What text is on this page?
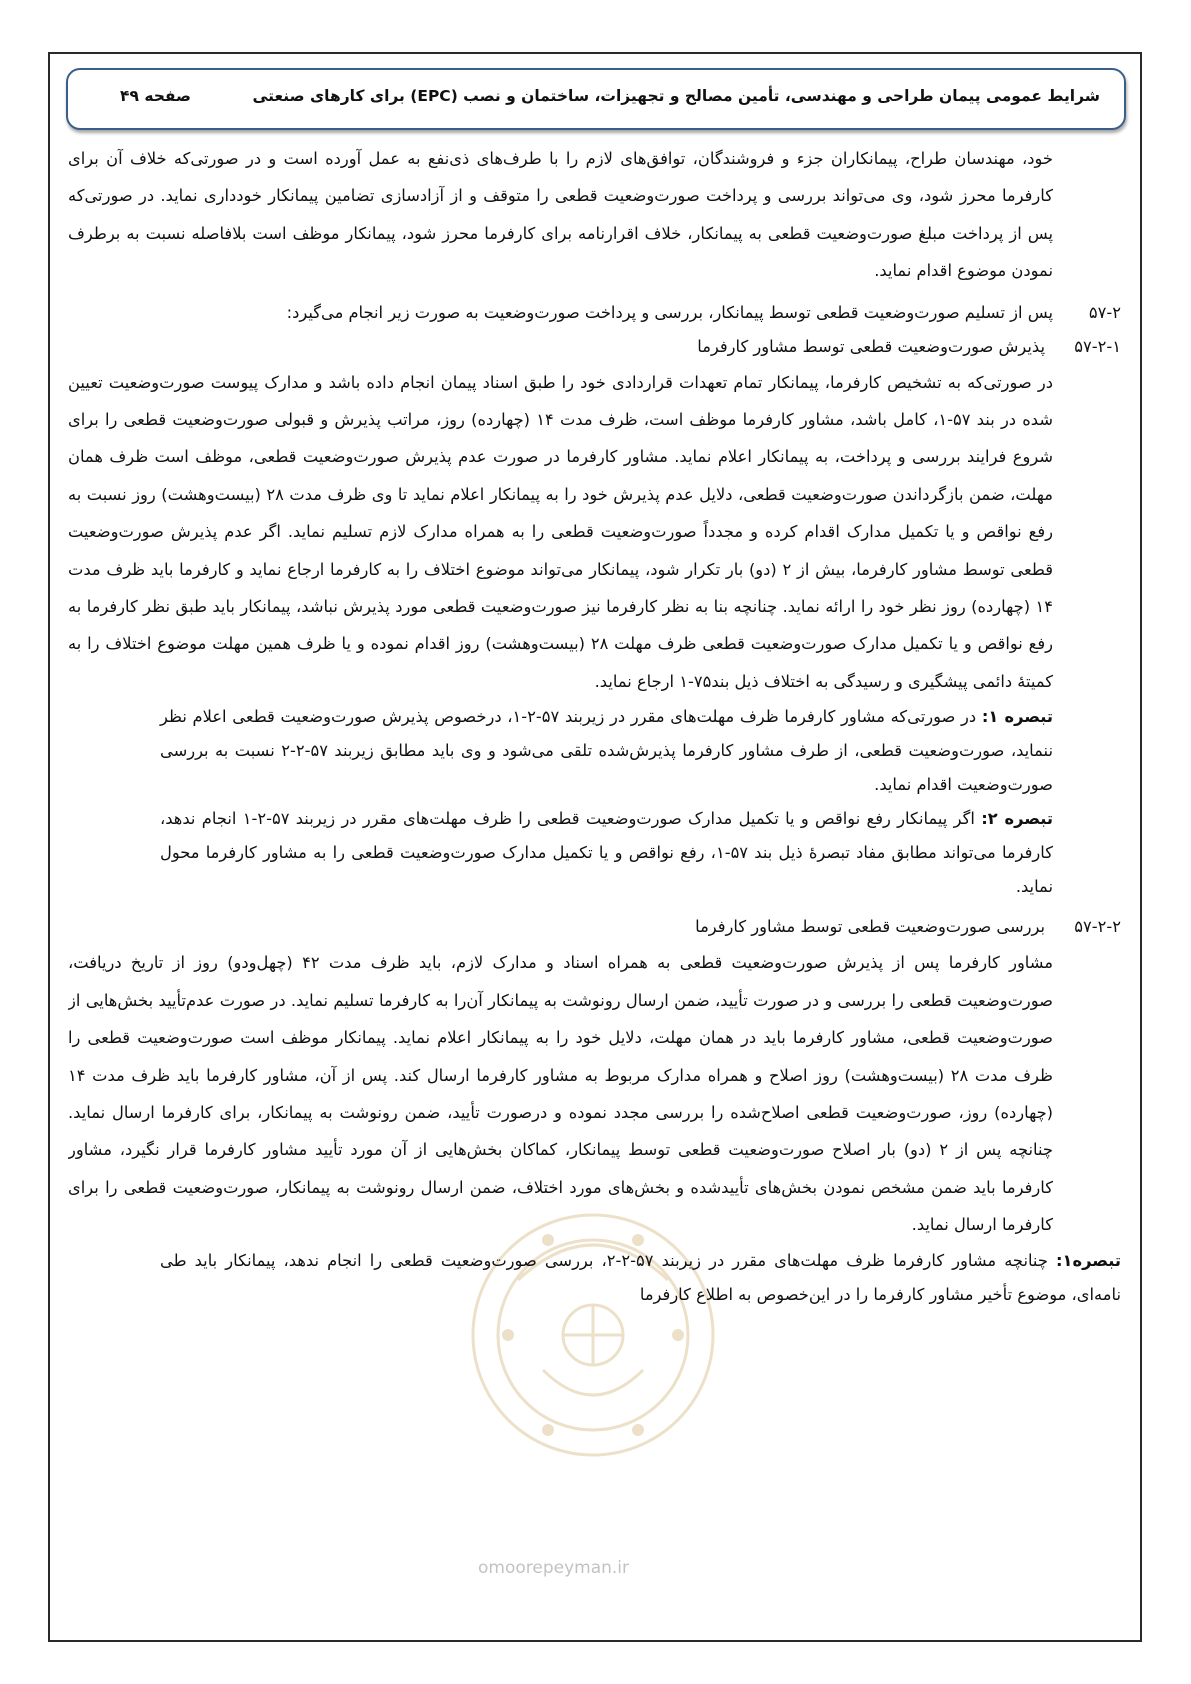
شرایط عمومی پیمان طراحی و مهندسی، تأمین مصالح و تجهیزات، ساختمان و نصب (EPC) برای کارهای صنعتی
صفحه ۴۹
omoorepeyman.ir

خود، مهندسان طراح، پیمانکاران جزء و فروشندگان، توافق‌های لازم را با طرف‌های ذی‌نفع به عمل آورده است و در صورتی‌که خلاف آن برای کارفرما محرز شود، وی می‌تواند بررسی و پرداخت صورت‌وضعیت قطعی را متوقف و از آزادسازی تضامین پیمانکار خودداری نماید. در صورتی‌که پس از پرداخت مبلغ صورت‌وضعیت قطعی به پیمانکار، خلاف اقرارنامه برای کارفرما محرز شود، پیمانکار موظف است بلافاصله نسبت به برطرف نمودن موضوع اقدام نماید.

۵۷-۲
پس از تسلیم صورت‌وضعیت قطعی توسط پیمانکار، بررسی و پرداخت صورت‌وضعیت به صورت زیر انجام می‌گیرد:
۵۷-۲-۱
پذیرش صورت‌وضعیت قطعی توسط مشاور کارفرما

در صورتی‌که به تشخیص کارفرما، پیمانکار تمام تعهدات قراردادی خود را طبق اسناد پیمان انجام داده باشد و مدارک پیوست صورت‌وضعیت تعیین شده در بند ۵۷-۱، کامل باشد، مشاور کارفرما موظف است، ظرف مدت ۱۴ (چهارده) روز، مراتب پذیرش و قبولی صورت‌وضعیت قطعی را برای شروع فرایند بررسی و پرداخت، به پیمانکار اعلام نماید. مشاور کارفرما در صورت عدم پذیرش صورت‌وضعیت قطعی، موظف است ظرف همان مهلت، ضمن بازگرداندن صورت‌وضعیت قطعی، دلایل عدم پذیرش خود را به پیمانکار اعلام نماید تا وی ظرف مدت ۲۸ (بیست‌وهشت) روز نسبت به رفع نواقص و یا تکمیل مدارک اقدام کرده و مجدداً صورت‌وضعیت قطعی را به همراه مدارک لازم تسلیم نماید. اگر عدم پذیرش صورت‌وضعیت قطعی توسط مشاور کارفرما، بیش از ۲ (دو) بار تکرار شود، پیمانکار می‌تواند موضوع اختلاف را به کارفرما ارجاع نماید و کارفرما باید ظرف مدت ۱۴ (چهارده) روز نظر خود را ارائه نماید. چنانچه بنا به نظر کارفرما نیز صورت‌وضعیت قطعی مورد پذیرش نباشد، پیمانکار باید طبق نظر کارفرما به رفع نواقص و یا تکمیل مدارک صورت‌وضعیت قطعی ظرف مهلت ۲۸ (بیست‌وهشت) روز اقدام نموده و یا ظرف همین مهلت موضوع اختلاف را به کمیتهٔ دائمی پیشگیری و رسیدگی به اختلاف ذیل بند۷۵-۱ ارجاع نماید.

تبصره ۱: در صورتی‌که مشاور کارفرما ظرف مهلت‌های مقرر در زیربند ۵۷-۲-۱، درخصوص پذیرش صورت‌وضعیت قطعی اعلام نظر ننماید، صورت‌وضعیت قطعی، از طرف مشاور کارفرما پذیرش‌شده تلقی می‌شود و وی باید مطابق زیربند ۵۷-۲-۲ نسبت به بررسی صورت‌وضعیت اقدام نماید.

تبصره ۲: اگر پیمانکار رفع نواقص و یا تکمیل مدارک صورت‌وضعیت قطعی را ظرف مهلت‌های مقرر در زیربند ۵۷-۲-۱ انجام ندهد، کارفرما می‌تواند مطابق مفاد تبصرهٔ ذیل بند ۵۷-۱، رفع نواقص و یا تکمیل مدارک صورت‌وضعیت قطعی را به مشاور کارفرما محول نماید.

۵۷-۲-۲
بررسی صورت‌وضعیت قطعی توسط مشاور کارفرما

مشاور کارفرما پس از پذیرش صورت‌وضعیت قطعی به همراه اسناد و مدارک لازم، باید ظرف مدت ۴۲ (چهل‌ودو) روز از تاریخ دریافت، صورت‌وضعیت قطعی را بررسی و در صورت تأیید، ضمن ارسال رونوشت به پیمانکار آن‌را به کارفرما تسلیم نماید. در صورت عدم‌تأیید بخش‌هایی از صورت‌وضعیت قطعی، مشاور کارفرما باید در همان مهلت، دلایل خود را به پیمانکار اعلام نماید. پیمانکار موظف است صورت‌وضعیت قطعی را ظرف مدت ۲۸ (بیست‌وهشت) روز اصلاح و همراه مدارک مربوط به مشاور کارفرما ارسال کند. پس از آن، مشاور کارفرما باید ظرف مدت ۱۴ (چهارده) روز، صورت‌وضعیت قطعی اصلاح‌شده را بررسی مجدد نموده و درصورت تأیید، ضمن رونوشت به پیمانکار، برای کارفرما ارسال نماید. چنانچه پس از ۲ (دو) بار اصلاح صورت‌وضعیت قطعی توسط پیمانکار، کماکان بخش‌هایی از آن مورد تأیید مشاور کارفرما قرار نگیرد، مشاور کارفرما باید ضمن مشخص نمودن بخش‌های تأییدشده و بخش‌های مورد اختلاف، ضمن ارسال رونوشت به پیمانکار، صورت‌وضعیت قطعی را برای کارفرما ارسال نماید.

تبصره۱: چنانچه مشاور کارفرما ظرف مهلت‌های مقرر در زیربند ۵۷-۲-۲، بررسی صورت‌وضعیت قطعی را انجام ندهد، پیمانکار باید طی نامه‌ای، موضوع تأخیر مشاور کارفرما را در این‌خصوص به اطلاع کارفرما
